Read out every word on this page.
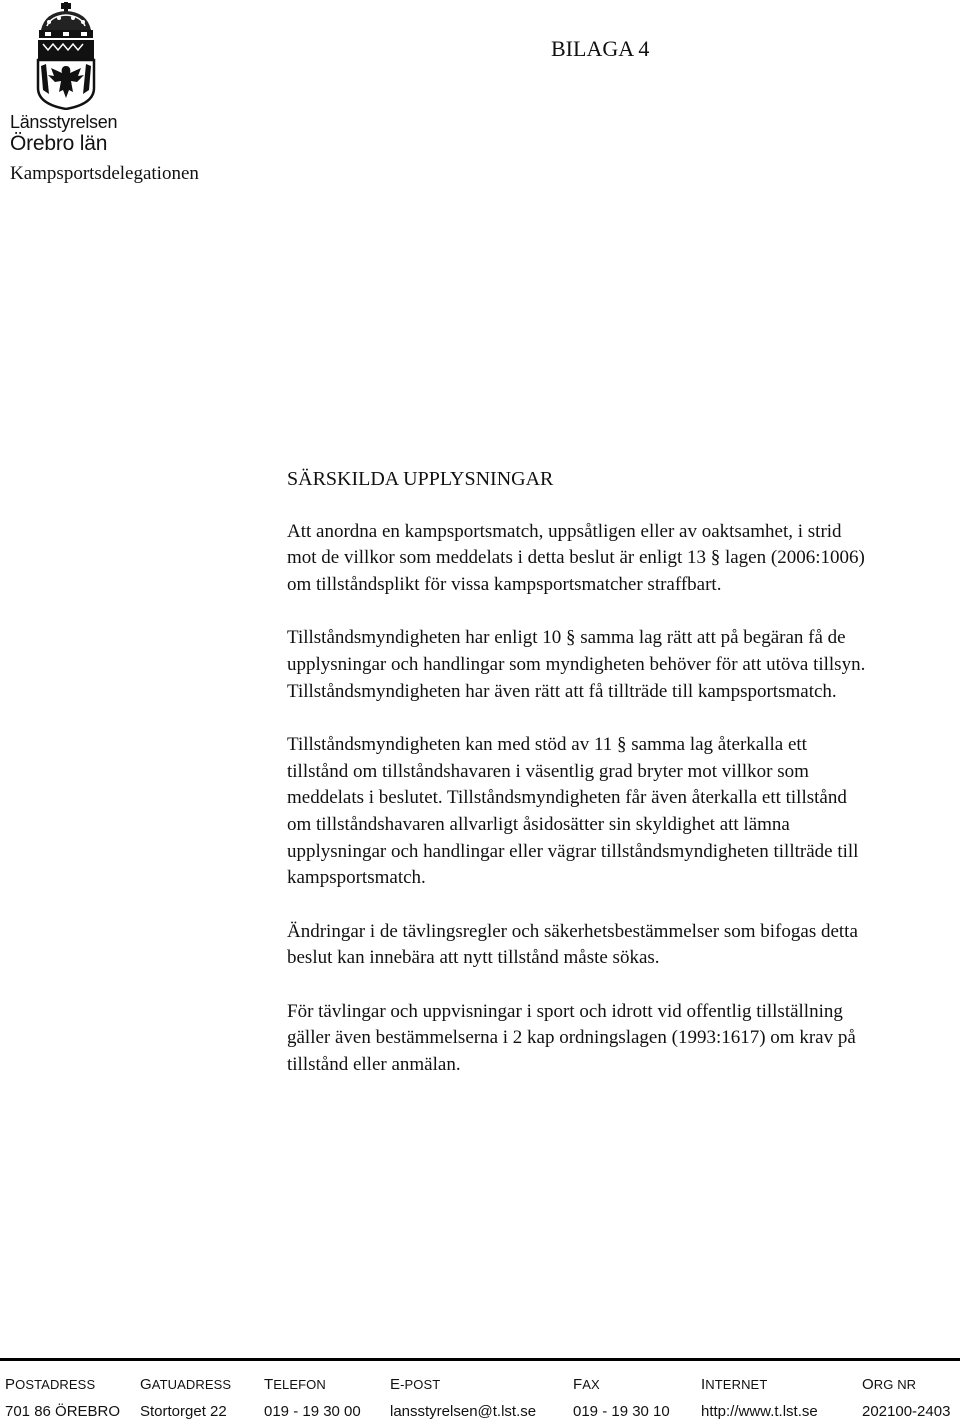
Länsstyrelsen
Örebro län
Kampsportsdelegationen
BILAGA 4
SÄRSKILDA UPPLYSNINGAR

Att anordna en kampsportsmatch, uppsåtligen eller av oaktsamhet, i strid
mot de villkor som meddelats i detta beslut är enligt 13 § lagen (2006:1006)
om tillståndsplikt för vissa kampsportsmatcher straffbart.

Tillståndsmyndigheten har enligt 10 § samma lag rätt att på begäran få de
upplysningar och handlingar som myndigheten behöver för att utöva tillsyn.
Tillståndsmyndigheten har även rätt att få tillträde till kampsportsmatch.

Tillståndsmyndigheten kan med stöd av 11 § samma lag återkalla ett
tillstånd om tillståndshavaren i väsentlig grad bryter mot villkor som
meddelats i beslutet. Tillståndsmyndigheten får även återkalla ett tillstånd
om tillståndshavaren allvarligt åsidosätter sin skyldighet att lämna
upplysningar och handlingar eller vägrar tillståndsmyndigheten tillträde till
kampsportsmatch.

Ändringar i de tävlingsregler och säkerhetsbestämmelser som bifogas detta
beslut kan innebära att nytt tillstånd måste sökas.

För tävlingar och uppvisningar i sport och idrott vid offentlig tillställning
gäller även bestämmelserna i 2 kap ordningslagen (1993:1617) om krav på
tillstånd eller anmälan.

POSTADRESS
701 86 ÖREBRO
GATUADRESS
Stortorget 22
TELEFON
019 - 19 30 00
E-POST
lansstyrelsen@t.lst.se
FAX
019 - 19 30 10
INTERNET
http://www.t.lst.se
ORG NR
202100-2403
